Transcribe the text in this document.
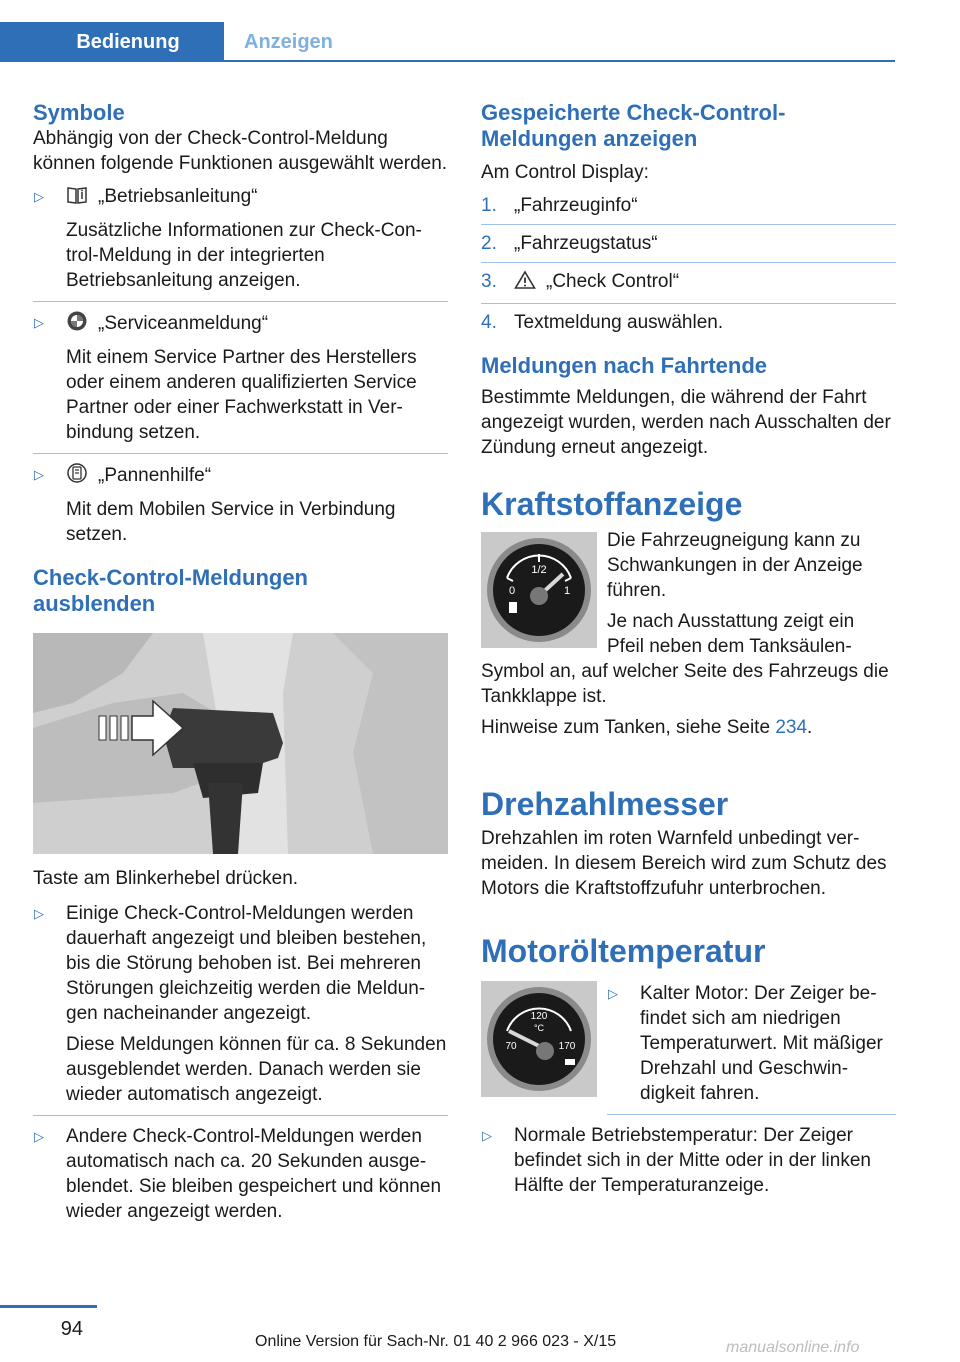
Bedienung	Anzeigen
Symbole

Abhängig von der Check-Control-Meldung können folgende Funktionen ausgewählt werden.

▷	„Betriebsanleitung“

Zusätzliche Informationen zur Check-Control-Meldung in der integrierten Betriebsanleitung anzeigen.

▷	„Serviceanmeldung“

Mit einem Service Partner des Herstellers oder einem anderen qualifizierten Service Partner oder einer Fachwerkstatt in Verbindung setzen.

▷	„Pannenhilfe“

Mit dem Mobilen Service in Verbindung setzen.

Check-Control-Meldungen ausblenden

Taste am Blinkerhebel drücken.

▷ Einige Check-Control-Meldungen werden dauerhaft angezeigt und bleiben bestehen, bis die Störung behoben ist. Bei mehreren Störungen gleichzeitig werden die Meldungen nacheinander angezeigt.

Diese Meldungen können für ca. 8 Sekunden ausgeblendet werden. Danach werden sie wieder automatisch angezeigt.

▷ Andere Check-Control-Meldungen werden automatisch nach ca. 20 Sekunden ausgeblendet. Sie bleiben gespeichert und können wieder angezeigt werden.

Gespeicherte Check-Control-Meldungen anzeigen

Am Control Display:

1. „Fahrzeuginfo“

2. „Fahrzeugstatus“

3.	„Check Control“

4. Textmeldung auswählen.

Meldungen nach Fahrtende

Bestimmte Meldungen, die während der Fahrt angezeigt wurden, werden nach Ausschalten der Zündung erneut angezeigt.

Kraftstoffanzeige
1/2
0	1

Die Fahrzeugneigung kann zu Schwankungen in der Anzeige führen.

Je nach Ausstattung zeigt ein Pfeil neben dem Tanksäulen-

Symbol an, auf welcher Seite des Fahrzeugs die Tankklappe ist.

Hinweise zum Tanken, siehe Seite 234.

Drehzahlmesser

Drehzahlen im roten Warnfeld unbedingt vermeiden. In diesem Bereich wird zum Schutz des Motors die Kraftstoffzufuhr unterbrochen.

Motoröltemperatur
120
°C
70	170
▷ Kalter Motor: Der Zeiger befindet sich am niedrigen Temperaturwert. Mit mäßiger Drehzahl und Geschwindigkeit fahren.

▷ Normale Betriebstemperatur: Der Zeiger befindet sich in der Mitte oder in der linken Hälfte der Temperaturanzeige.

94
Online Version für Sach-Nr. 01 40 2 966 023 - X/15	manualsonline.info
